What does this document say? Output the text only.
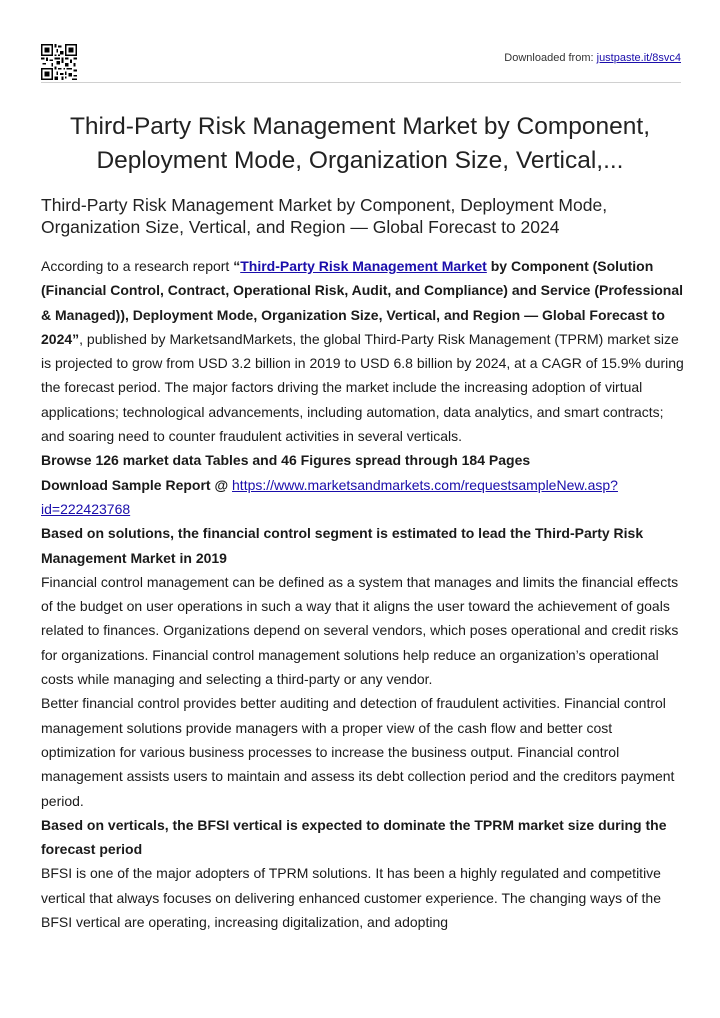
Downloaded from: justpaste.it/8svc4
Third-Party Risk Management Market by Component, Deployment Mode, Organization Size, Vertical,...
Third-Party Risk Management Market by Component, Deployment Mode, Organization Size, Vertical, and Region — Global Forecast to 2024

According to a research report “Third-Party Risk Management Market by Component (Solution (Financial Control, Contract, Operational Risk, Audit, and Compliance) and Service (Professional & Managed)), Deployment Mode, Organization Size, Vertical, and Region — Global Forecast to 2024”, published by MarketsandMarkets, the global Third-Party Risk Management (TPRM) market size is projected to grow from USD 3.2 billion in 2019 to USD 6.8 billion by 2024, at a CAGR of 15.9% during the forecast period. The major factors driving the market include the increasing adoption of virtual applications; technological advancements, including automation, data analytics, and smart contracts; and soaring need to counter fraudulent activities in several verticals.

Browse 126 market data Tables and 46 Figures spread through 184 Pages

Download Sample Report @ https://www.marketsandmarkets.com/requestsampleNew.asp?id=222423768

Based on solutions, the financial control segment is estimated to lead the Third-Party Risk Management Market in 2019

Financial control management can be defined as a system that manages and limits the financial effects of the budget on user operations in such a way that it aligns the user toward the achievement of goals related to finances. Organizations depend on several vendors, which poses operational and credit risks for organizations. Financial control management solutions help reduce an organization’s operational costs while managing and selecting a third-party or any vendor.

Better financial control provides better auditing and detection of fraudulent activities. Financial control management solutions provide managers with a proper view of the cash flow and better cost optimization for various business processes to increase the business output. Financial control management assists users to maintain and assess its debt collection period and the creditors payment period.

Based on verticals, the BFSI vertical is expected to dominate the TPRM market size during the forecast period

BFSI is one of the major adopters of TPRM solutions. It has been a highly regulated and competitive vertical that always focuses on delivering enhanced customer experience. The changing ways of the BFSI vertical are operating, increasing digitalization, and adopting
